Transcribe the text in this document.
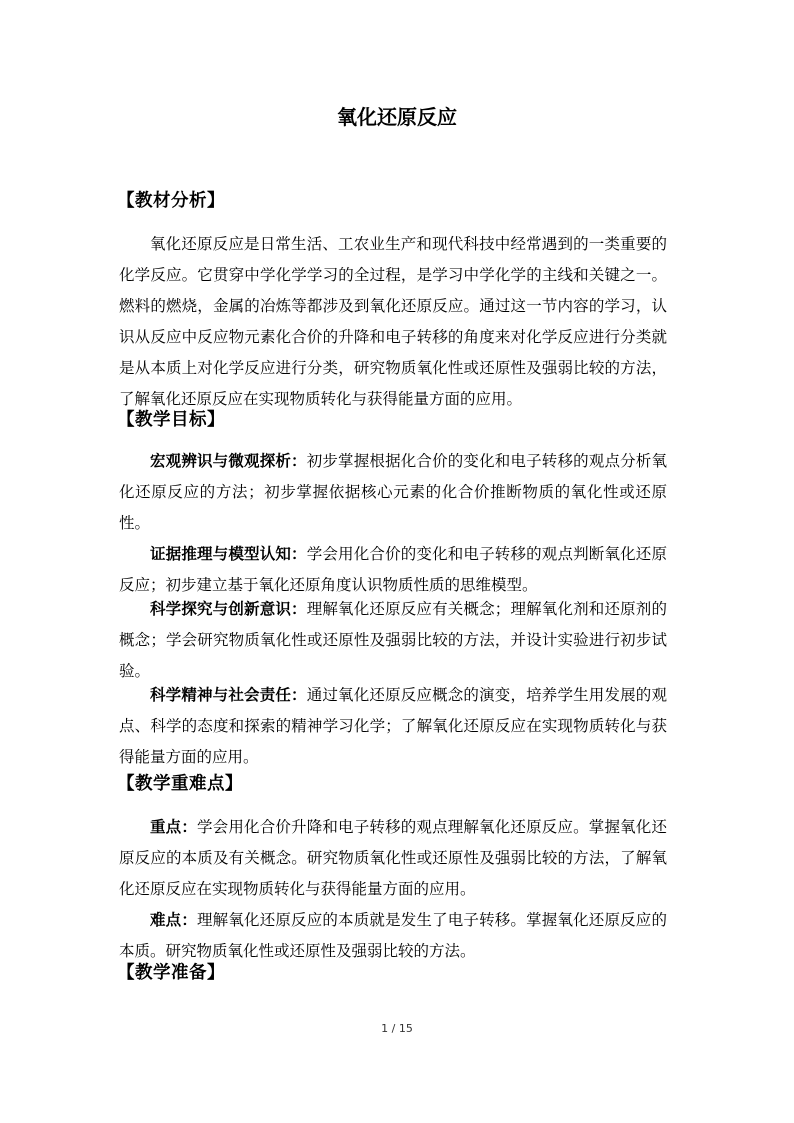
氧化还原反应
【教材分析】

氧化还原反应是日常生活、工农业生产和现代科技中经常遇到的一类重要的化学反应。它贯穿中学化学学习的全过程，是学习中学化学的主线和关键之一。燃料的燃烧，金属的冶炼等都涉及到氧化还原反应。通过这一节内容的学习，认识从反应中反应物元素化合价的升降和电子转移的角度来对化学反应进行分类就是从本质上对化学反应进行分类，研究物质氧化性或还原性及强弱比较的方法，了解氧化还原反应在实现物质转化与获得能量方面的应用。

【教学目标】

宏观辨识与微观探析：初步掌握根据化合价的变化和电子转移的观点分析氧化还原反应的方法；初步掌握依据核心元素的化合价推断物质的氧化性或还原性。

证据推理与模型认知：学会用化合价的变化和电子转移的观点判断氧化还原反应；初步建立基于氧化还原角度认识物质性质的思维模型。

科学探究与创新意识：理解氧化还原反应有关概念；理解氧化剂和还原剂的概念；学会研究物质氧化性或还原性及强弱比较的方法，并设计实验进行初步试验。

科学精神与社会责任：通过氧化还原反应概念的演变，培养学生用发展的观点、科学的态度和探索的精神学习化学；了解氧化还原反应在实现物质转化与获得能量方面的应用。

【教学重难点】

重点：学会用化合价升降和电子转移的观点理解氧化还原反应。掌握氧化还原反应的本质及有关概念。研究物质氧化性或还原性及强弱比较的方法，了解氧化还原反应在实现物质转化与获得能量方面的应用。

难点：理解氧化还原反应的本质就是发生了电子转移。掌握氧化还原反应的本质。研究物质氧化性或还原性及强弱比较的方法。

【教学准备】
1 / 15
